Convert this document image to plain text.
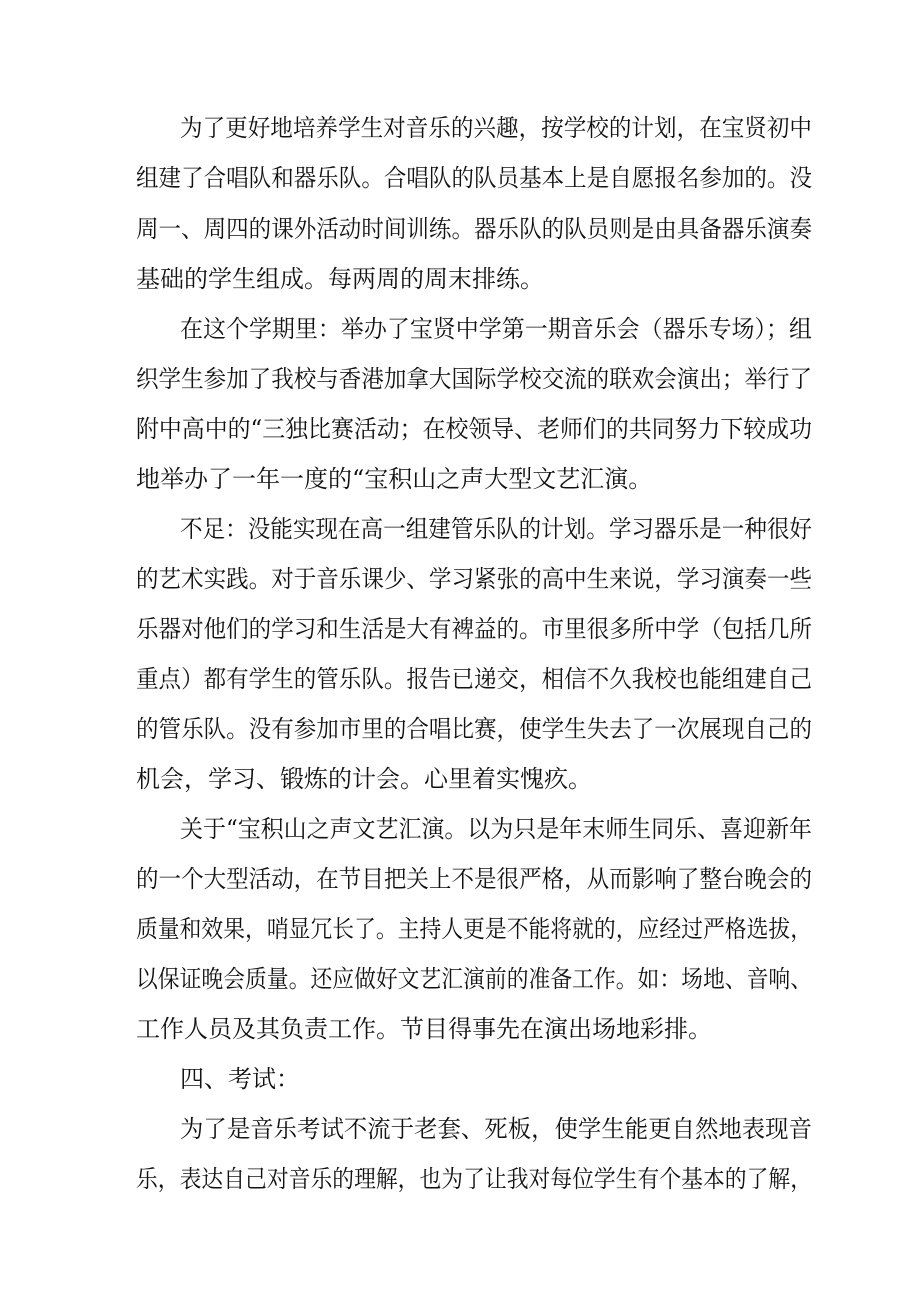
为了更好地培养学生对音乐的兴趣，按学校的计划，在宝贤初中
组建了合唱队和器乐队。合唱队的队员基本上是自愿报名参加的。没
周一、周四的课外活动时间训练。器乐队的队员则是由具备器乐演奏
基础的学生组成。每两周的周末排练。
在这个学期里：举办了宝贤中学第一期音乐会（器乐专场）；组
织学生参加了我校与香港加拿大国际学校交流的联欢会演出；举行了
附中高中的“三独比赛活动；在校领导、老师们的共同努力下较成功
地举办了一年一度的“宝积山之声大型文艺汇演。
不足：没能实现在高一组建管乐队的计划。学习器乐是一种很好
的艺术实践。对于音乐课少、学习紧张的高中生来说，学习演奏一些
乐器对他们的学习和生活是大有裨益的。市里很多所中学（包括几所
重点）都有学生的管乐队。报告已递交，相信不久我校也能组建自己
的管乐队。没有参加市里的合唱比赛，使学生失去了一次展现自己的
机会，学习、锻炼的计会。心里着实愧疚。
关于“宝积山之声文艺汇演。以为只是年末师生同乐、喜迎新年
的一个大型活动，在节目把关上不是很严格，从而影响了整台晚会的
质量和效果，哨显冗长了。主持人更是不能将就的，应经过严格选拔，
以保证晚会质量。还应做好文艺汇演前的准备工作。如：场地、音响、
工作人员及其负责工作。节目得事先在演出场地彩排。
四、考试：
为了是音乐考试不流于老套、死板，使学生能更自然地表现音
乐，表达自己对音乐的理解，也为了让我对每位学生有个基本的了解，
